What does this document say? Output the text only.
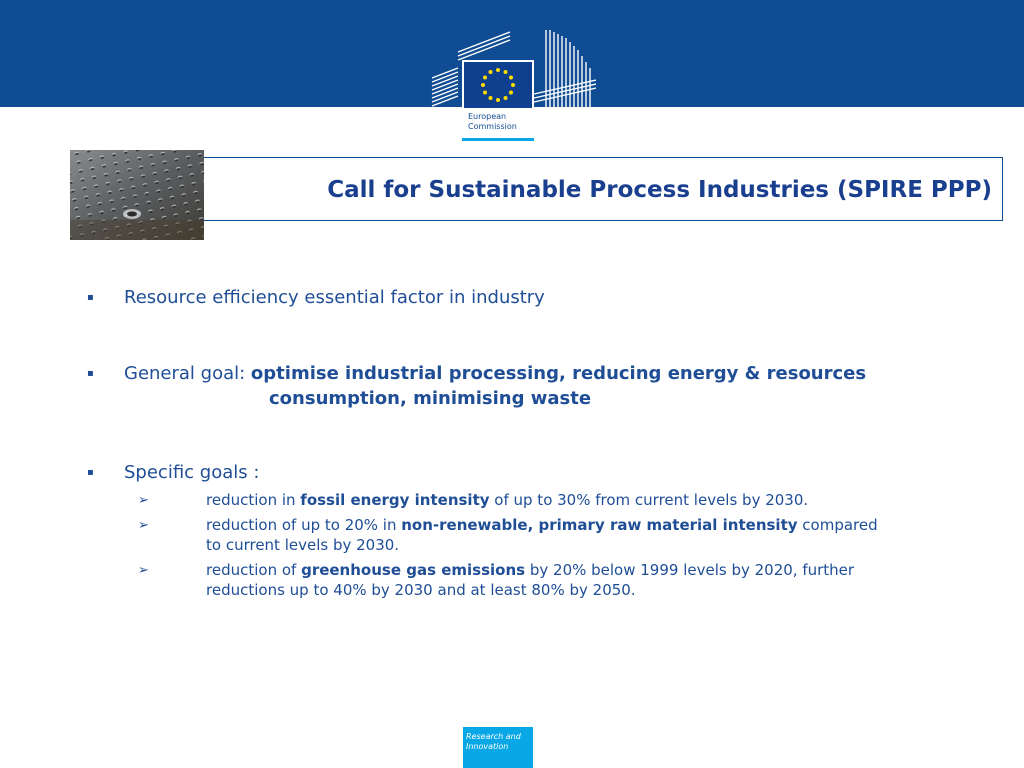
European
Commission
Call for Sustainable Process Industries (SPIRE PPP)
▪ Resource efficiency essential factor in industry
▪ General goal: optimise industrial processing, reducing energy & resources
consumption, minimising waste
▪ Specific goals :
➢	reduction in fossil energy intensity of up to 30% from current levels by 2030.
➢	reduction of up to 20% in non-renewable, primary raw material intensity compared
to current levels by 2030.
➢	reduction of greenhouse gas emissions by 20% below 1999 levels by 2020, further
reductions up to 40% by 2030 and at least 80% by 2050.
Research and
Innovation
